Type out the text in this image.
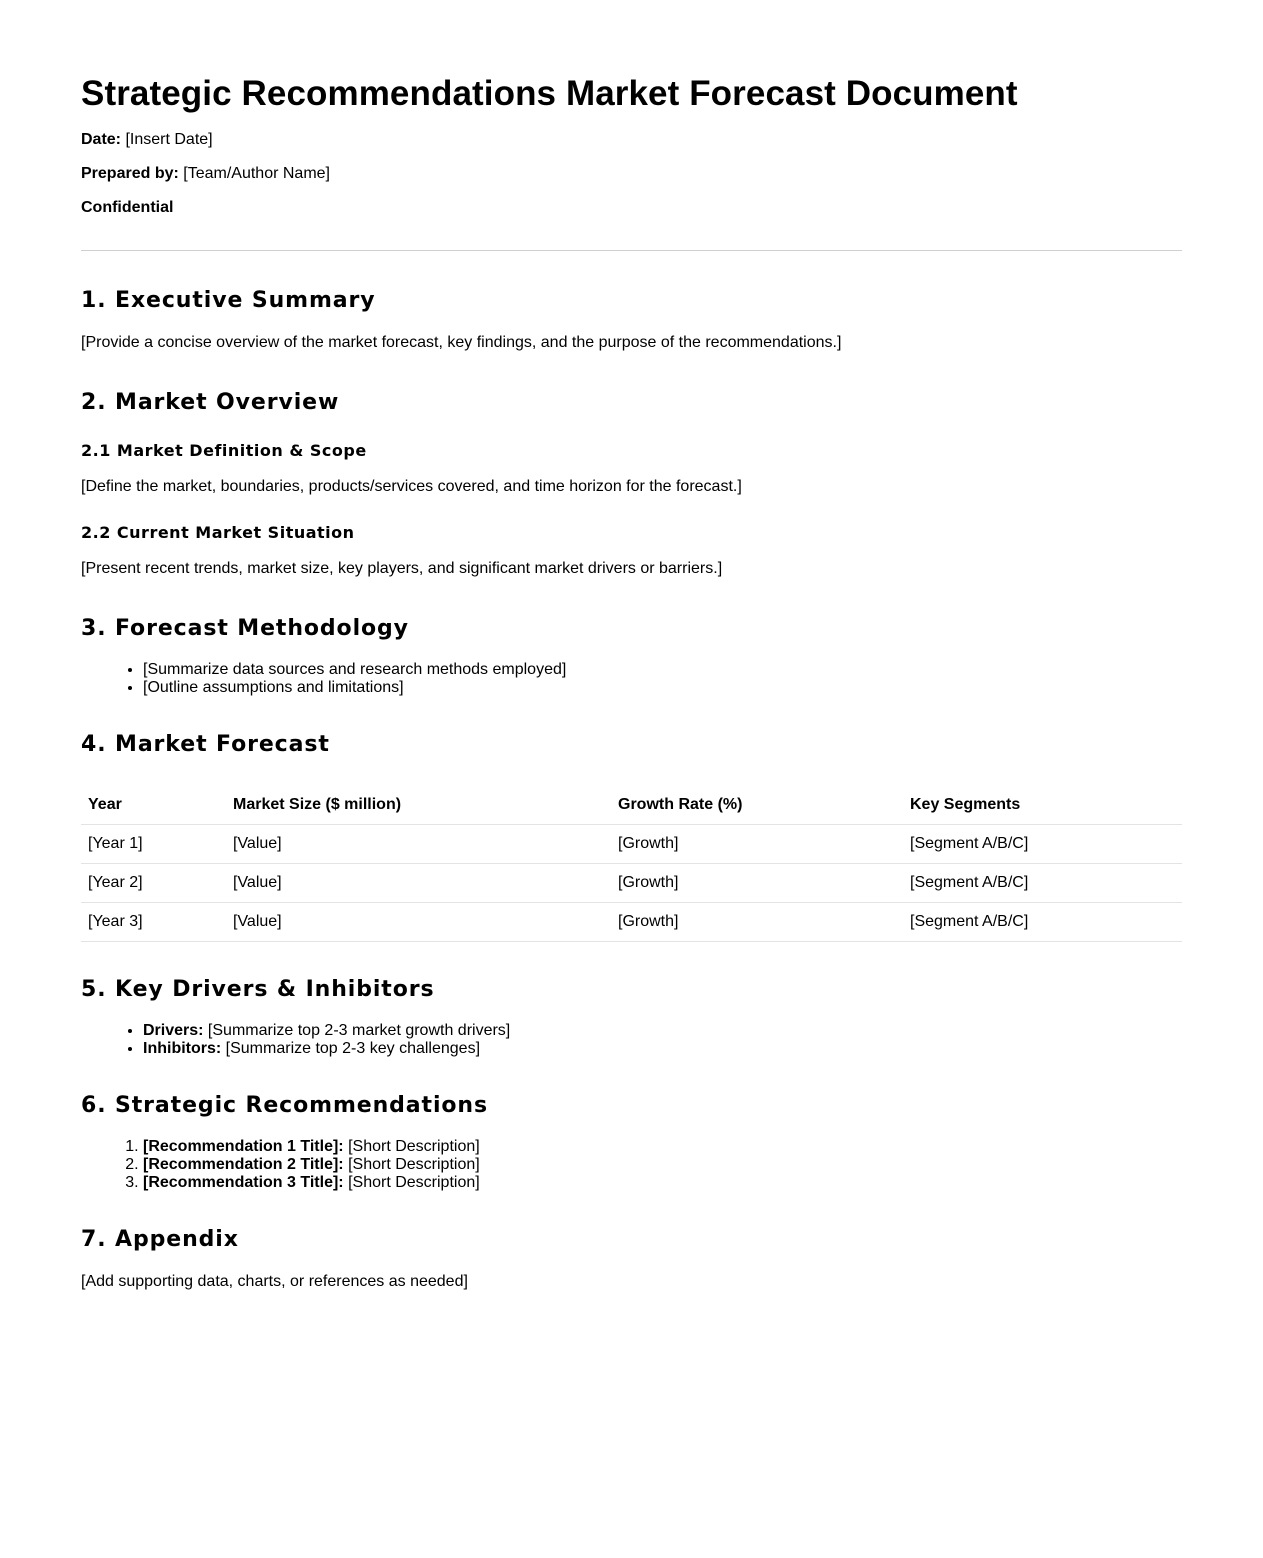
Strategic Recommendations Market Forecast Document

Date: [Insert Date]

Prepared by: [Team/Author Name]

Confidential

1. Executive Summary

[Provide a concise overview of the market forecast, key findings, and the purpose of the recommendations.]

2. Market Overview
2.1 Market Definition & Scope

[Define the market, boundaries, products/services covered, and time horizon for the forecast.]

2.2 Current Market Situation

[Present recent trends, market size, key players, and significant market drivers or barriers.]

3. Forecast Methodology
• [Summarize data sources and research methods employed]
• [Outline assumptions and limitations]
4. Market Forecast
Year	Market Size ($ million)	Growth Rate (%)	Key Segments
[Year 1]	[Value]	[Growth]	[Segment A/B/C]
[Year 2]	[Value]	[Growth]	[Segment A/B/C]
[Year 3]	[Value]	[Growth]	[Segment A/B/C]
5. Key Drivers & Inhibitors
• Drivers: [Summarize top 2-3 market growth drivers]
• Inhibitors: [Summarize top 2-3 key challenges]
6. Strategic Recommendations
1. [Recommendation 1 Title]: [Short Description]
2. [Recommendation 2 Title]: [Short Description]
3. [Recommendation 3 Title]: [Short Description]
7. Appendix

[Add supporting data, charts, or references as needed]
